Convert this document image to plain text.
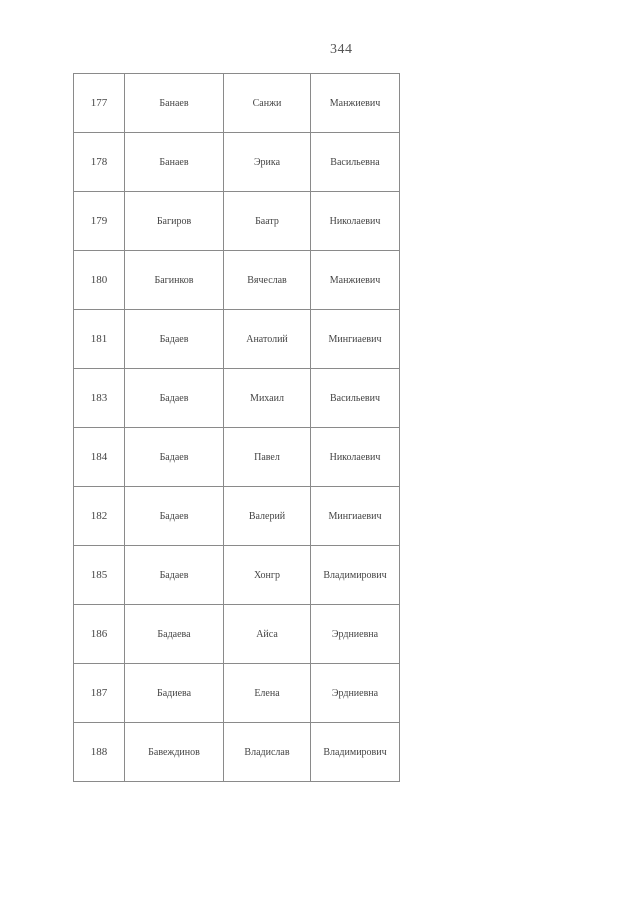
344
177	Банаев	Санжи	Манжиевич
178	Банаев	Эрика	Васильевна
179	Багиров	Баатр	Николаевич
180	Багинков	Вячеслав	Манжиевич
181	Бадаев	Анатолий	Мингиаевич
183	Бадаев	Михаил	Васильевич
184	Бадаев	Павел	Николаевич
182	Бадаев	Валерий	Мингиаевич
185	Бадаев	Хонгр	Владимирович
186	Бадаева	Айса	Эрдниевна
187	Бадиева	Елена	Эрдниевна
188	Бавеждинов	Владислав	Владимирович
